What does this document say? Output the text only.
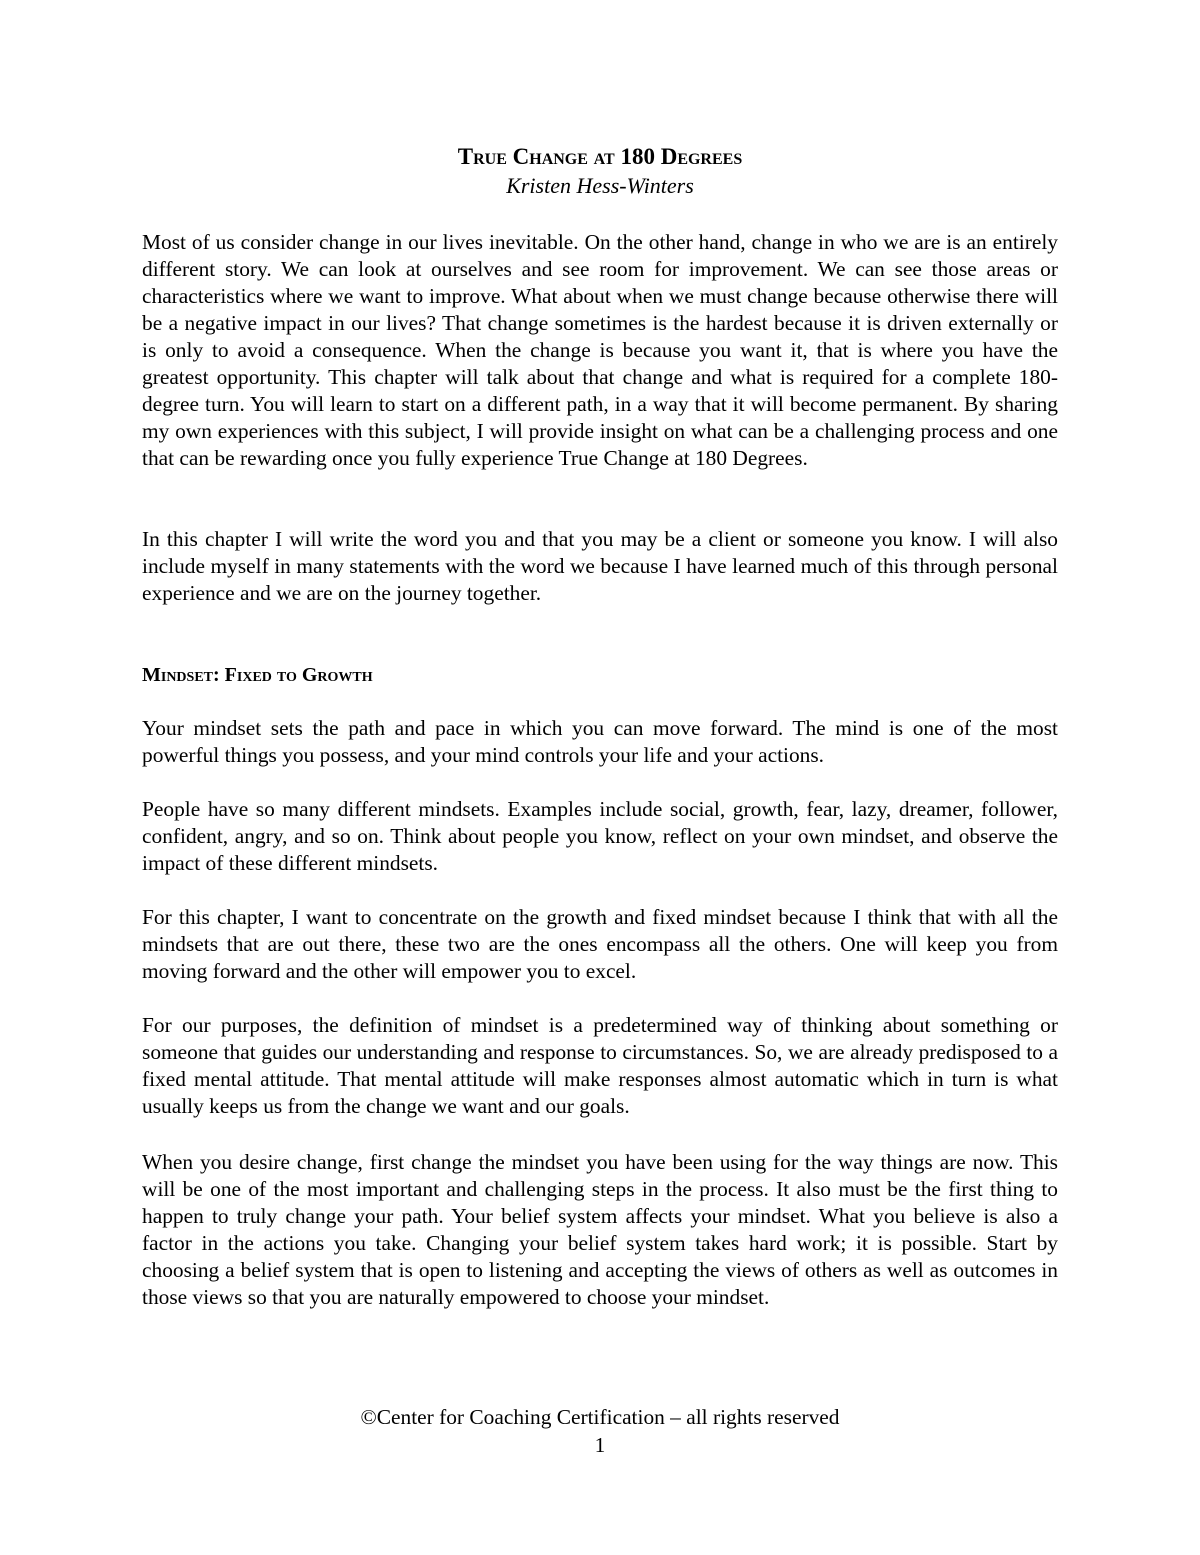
True Change at 180 Degrees
Kristen Hess-Winters

Most of us consider change in our lives inevitable. On the other hand, change in who we are is an entirely different story. We can look at ourselves and see room for improvement. We can see those areas or characteristics where we want to improve. What about when we must change because otherwise there will be a negative impact in our lives? That change sometimes is the hardest because it is driven externally or is only to avoid a consequence. When the change is because you want it, that is where you have the greatest opportunity. This chapter will talk about that change and what is required for a complete 180-degree turn. You will learn to start on a different path, in a way that it will become permanent. By sharing my own experiences with this subject, I will provide insight on what can be a challenging process and one that can be rewarding once you fully experience True Change at 180 Degrees.

In this chapter I will write the word you and that you may be a client or someone you know. I will also include myself in many statements with the word we because I have learned much of this through personal experience and we are on the journey together.

Mindset: Fixed to Growth

Your mindset sets the path and pace in which you can move forward. The mind is one of the most powerful things you possess, and your mind controls your life and your actions.

People have so many different mindsets. Examples include social, growth, fear, lazy, dreamer, follower, confident, angry, and so on. Think about people you know, reflect on your own mindset, and observe the impact of these different mindsets.

For this chapter, I want to concentrate on the growth and fixed mindset because I think that with all the mindsets that are out there, these two are the ones encompass all the others. One will keep you from moving forward and the other will empower you to excel.

For our purposes, the definition of mindset is a predetermined way of thinking about something or someone that guides our understanding and response to circumstances. So, we are already predisposed to a fixed mental attitude. That mental attitude will make responses almost automatic which in turn is what usually keeps us from the change we want and our goals.

When you desire change, first change the mindset you have been using for the way things are now. This will be one of the most important and challenging steps in the process. It also must be the first thing to happen to truly change your path. Your belief system affects your mindset. What you believe is also a factor in the actions you take. Changing your belief system takes hard work; it is possible. Start by choosing a belief system that is open to listening and accepting the views of others as well as outcomes in those views so that you are naturally empowered to choose your mindset.

©Center for Coaching Certification – all rights reserved
1
